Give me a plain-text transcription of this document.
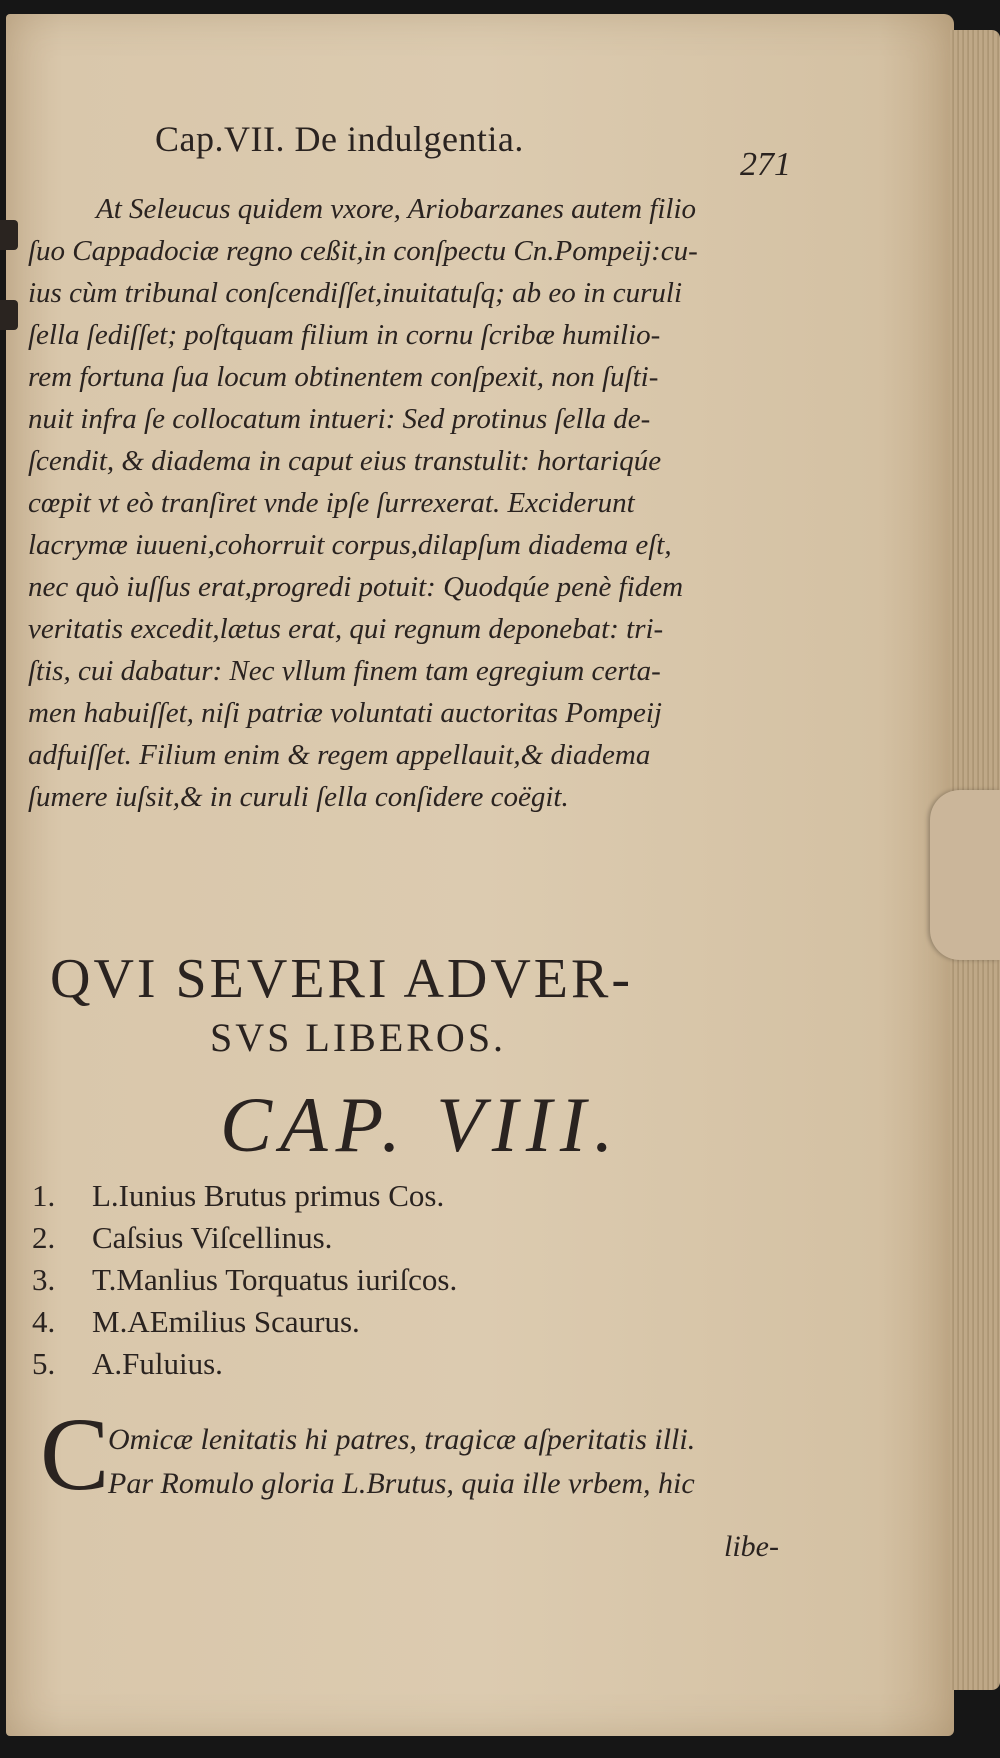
Cap.VII. De indulgentia.
271
At Seleucus quidem vxore, Ariobarzanes autem filio
ſuo Cappadociæ regno ceßit,in conſpectu Cn.Pompeij:cu-
ius cùm tribunal conſcendiſſet,inuitatuſq; ab eo in curuli
ſella ſediſſet; poſtquam filium in cornu ſcribæ humilio-
rem fortuna ſua locum obtinentem conſpexit, non ſuſti-
nuit infra ſe collocatum intueri: Sed protinus ſella de-
ſcendit, & diadema in caput eius transtulit: hortariqúe
cœpit vt eò tranſiret vnde ipſe ſurrexerat. Exciderunt
lacrymæ iuueni,cohorruit corpus,dilapſum diadema eſt,
nec quò iuſſus erat,progredi potuit: Quodqúe penè fidem
veritatis excedit,lætus erat, qui regnum deponebat: tri-
ſtis, cui dabatur: Nec vllum finem tam egregium certa-
men habuiſſet, niſi patriæ voluntati auctoritas Pompeij
adfuiſſet. Filium enim & regem appellauit,& diadema
ſumere iuſsit,& in curuli ſella conſidere coëgit.
QVI SEVERI ADVER-
SVS LIBEROS.
CAP. VIII.
1. L.Iunius Brutus primus Cos.
2. Caſsius Viſcellinus.
3. T.Manlius Torquatus iuriſcos.
4. M.AEmilius Scaurus.
5. A.Fuluius.
C
Omicæ lenitatis hi patres, tragicæ aſperitatis illi.
Par Romulo gloria L.Brutus, quia ille vrbem, hic
libe-
